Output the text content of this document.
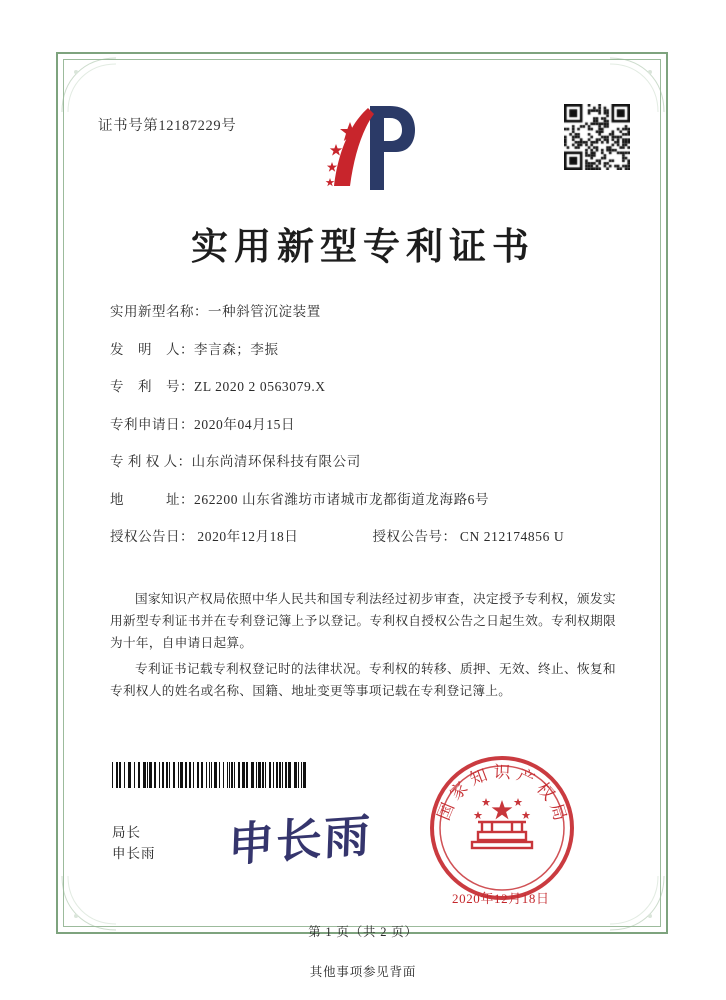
证书号第12187229号
实用新型专利证书
实用新型名称： 一种斜管沉淀装置
发　明　人： 李言森；李振
专　利　号： ZL 2020 2 0563079.X
专利申请日： 2020年04月15日
专 利 权 人： 山东尚清环保科技有限公司
地　　　址： 262200 山东省潍坊市诸城市龙都街道龙海路6号
授权公告日： 2020年12月18日	授权公告号： CN 212174856 U

国家知识产权局依照中华人民共和国专利法经过初步审查，决定授予专利权，颁发实用新型专利证书并在专利登记簿上予以登记。专利权自授权公告之日起生效。专利权期限为十年，自申请日起算。

专利证书记载专利权登记时的法律状况。专利权的转移、质押、无效、终止、恢复和专利权人的姓名或名称、国籍、地址变更等事项记载在专利登记簿上。

局长
申长雨 申长雨	国家知识产权局
2020年12月18日
第 1 页（共 2 页）
其他事项参见背面
